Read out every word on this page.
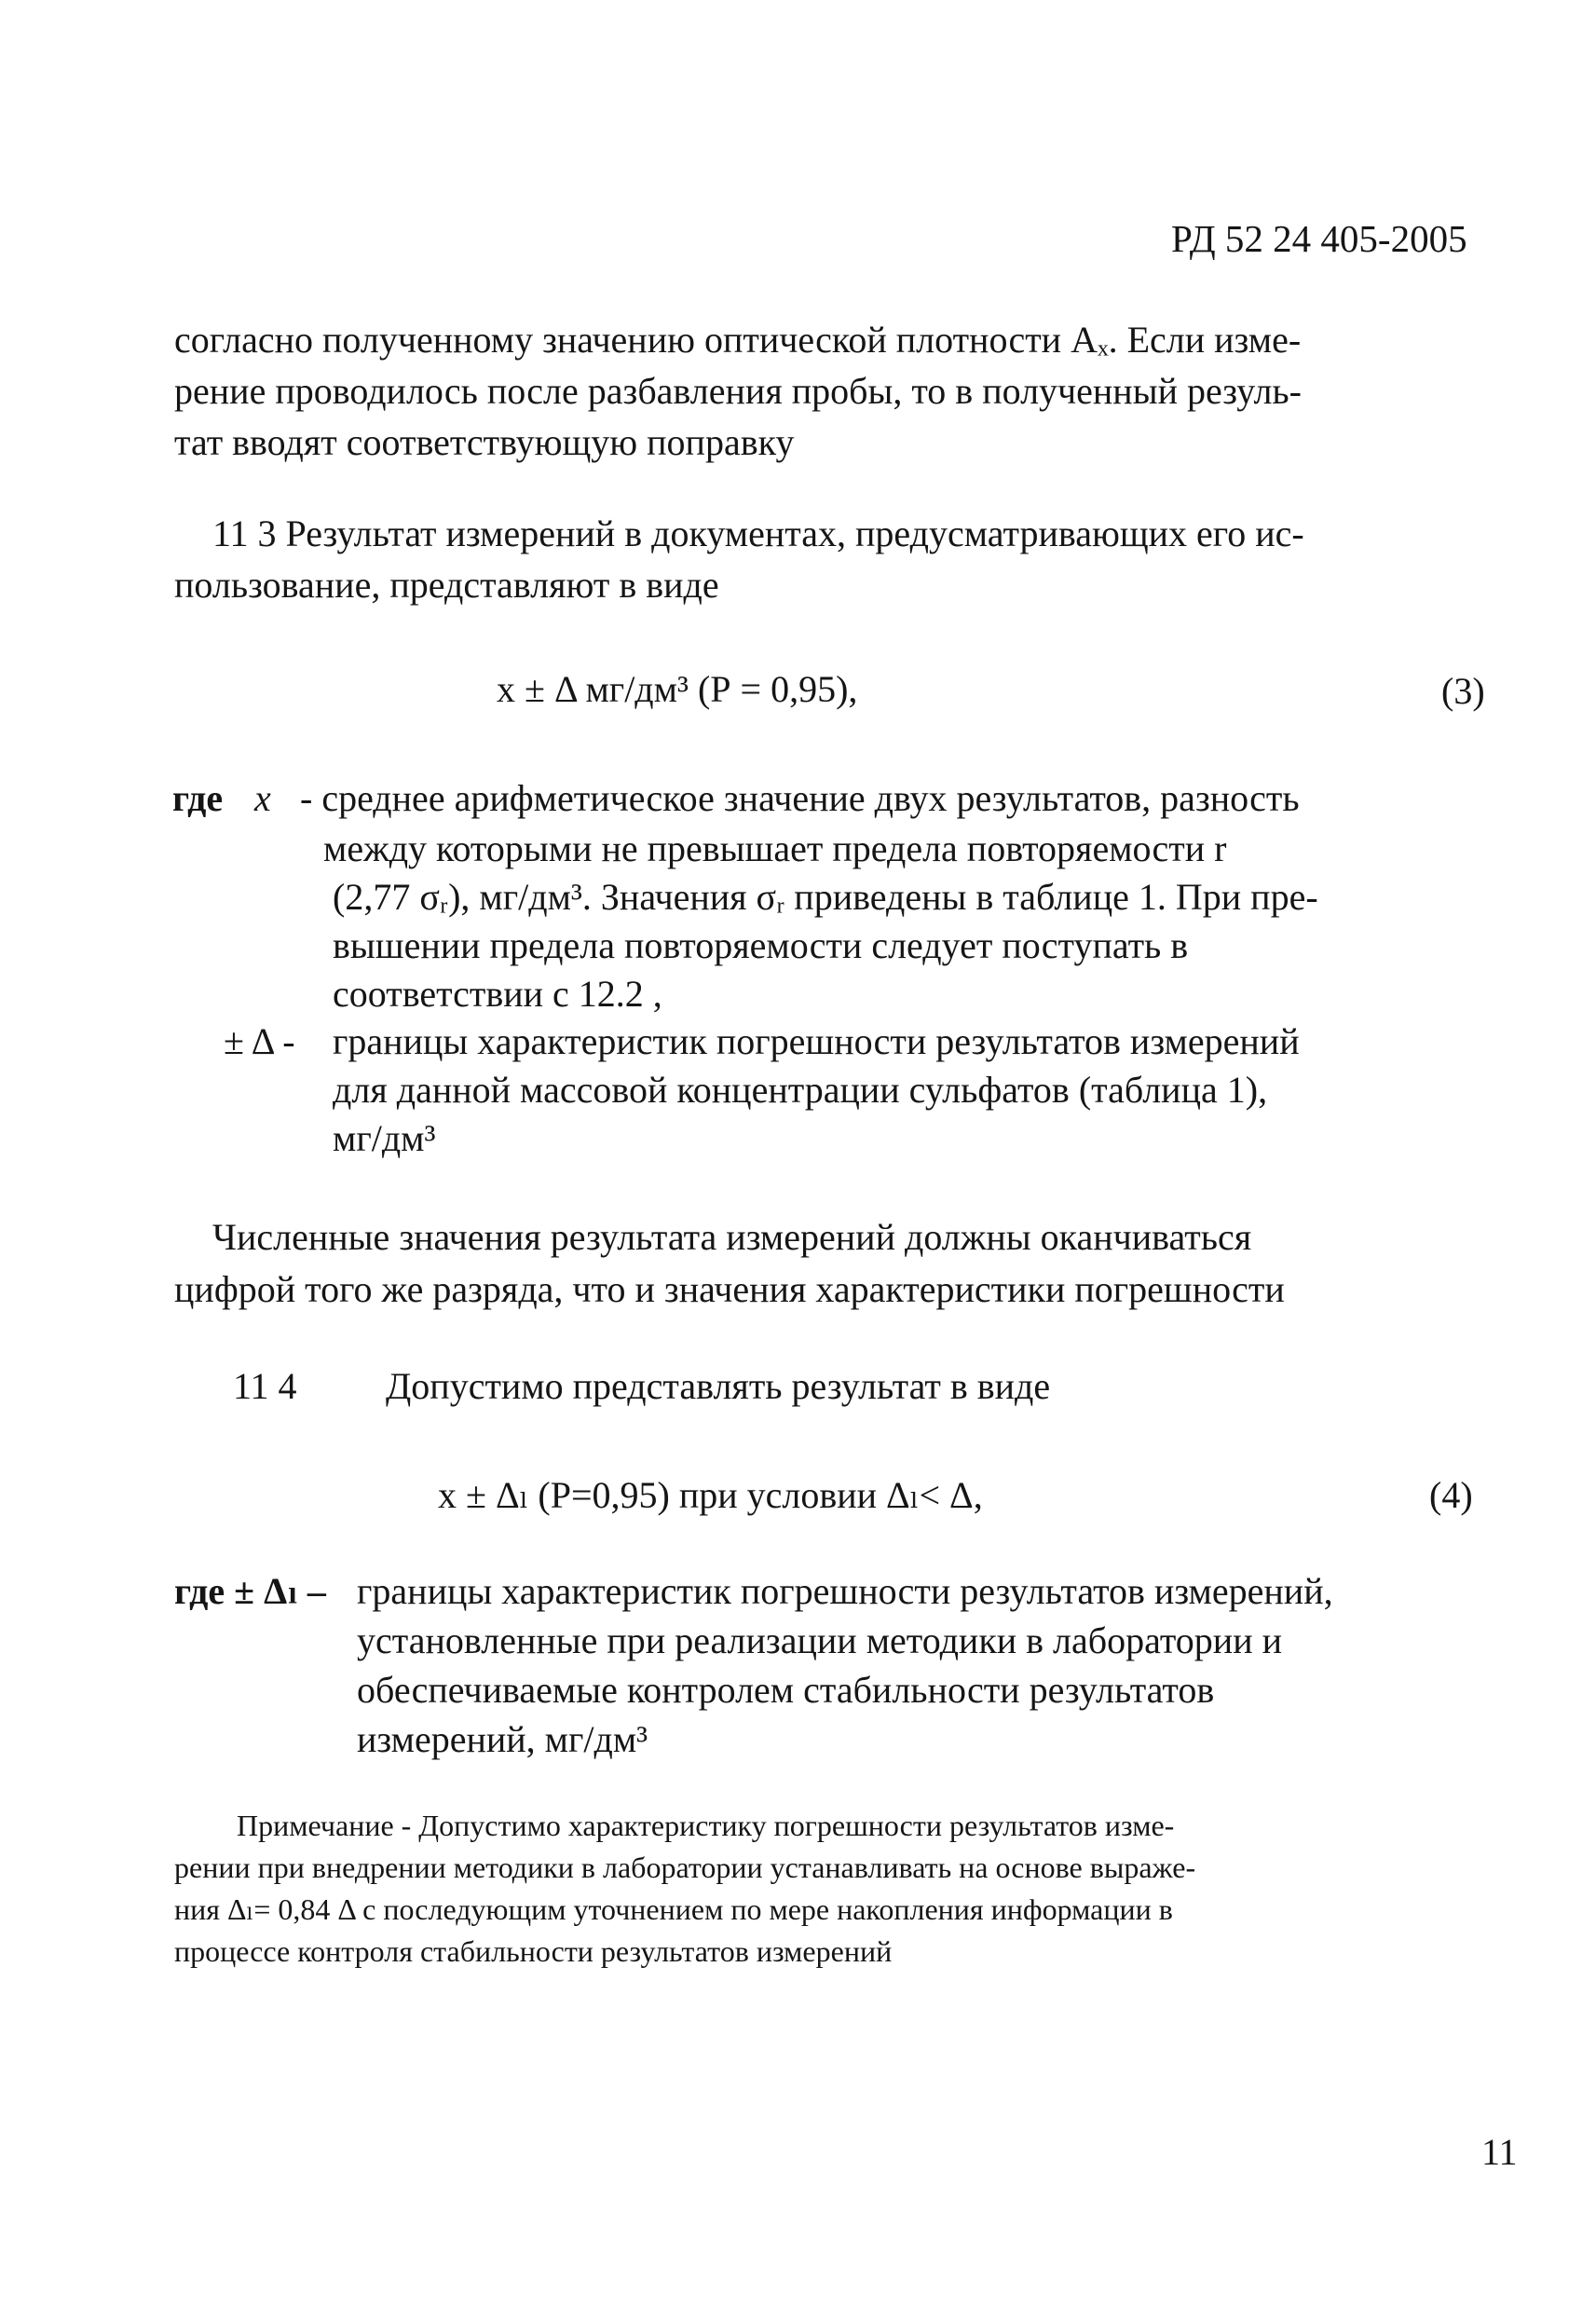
РД 52 24 405-2005
согласно полученному значению оптической плотности Aₓ. Если изме-
рение проводилось после разбавления пробы, то в полученный резуль-
тат вводят соответствующую поправку
11 3 Результат измерений в документах, предусматривающих его ис-
пользование, представляют в виде
x ± Δ мг/дм³ (Р = 0,95),	(3)
где x - среднее арифметическое значение двух результатов, разность
между которыми не превышает предела повторяемости r
(2,77 σᵣ), мг/дм³. Значения σᵣ приведены в таблице 1. При пре-
вышении предела повторяемости следует поступать в
соответствии с 12.2 ,
± Δ - границы характеристик погрешности результатов измерений
для данной массовой концентрации сульфатов (таблица 1),
мг/дм³
Численные значения результата измерений должны оканчиваться
цифрой того же разряда, что и значения характеристики погрешности
11 4 Допустимо представлять результат в виде
x ± Δₗ (Р=0,95) при условии Δₗ< Δ,	(4)
где ± Δₗ – границы характеристик погрешности результатов измерений,
установленные при реализации методики в лаборатории и
обеспечиваемые контролем стабильности результатов
измерений, мг/дм³
Примечание - Допустимо характеристику погрешности результатов изме-
рении при внедрении методики в лаборатории устанавливать на основе выраже-
ния Δₗ= 0,84 Δ с последующим уточнением по мере накопления информации в
процессе контроля стабильности результатов измерений
11
